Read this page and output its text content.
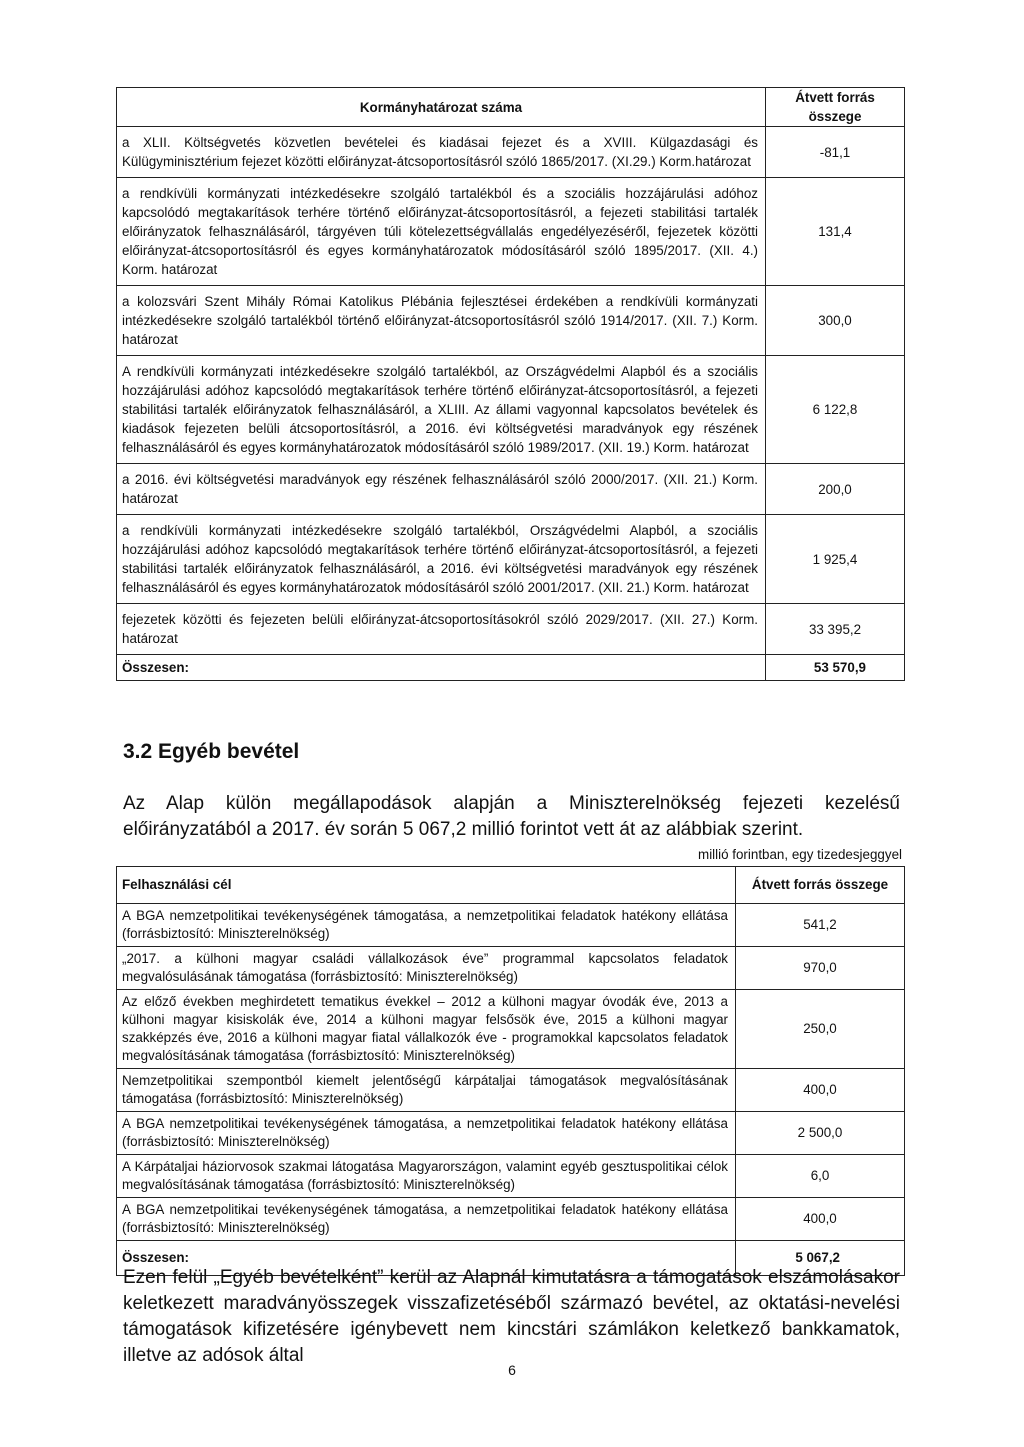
Kormányhatározat száma	Átvett forrás összege
a XLII. Költségvetés közvetlen bevételei és kiadásai fejezet és a XVIII. Külgazdasági és Külügyminisztérium fejezet közötti előirányzat-átcsoportosításról szóló 1865/2017. (XI.29.) Korm.határozat	-81,1
a rendkívüli kormányzati intézkedésekre szolgáló tartalékból és a szociális hozzájárulási adóhoz kapcsolódó megtakarítások terhére történő előirányzat-átcsoportosításról, a fejezeti stabilitási tartalék előirányzatok felhasználásáról, tárgyéven túli kötelezettségvállalás engedélyezéséről, fejezetek közötti előirányzat-átcsoportosításról és egyes kormányhatározatok módosításáról szóló 1895/2017. (XII. 4.) Korm. határozat	131,4
a kolozsvári Szent Mihály Római Katolikus Plébánia fejlesztései érdekében a rendkívüli kormányzati intézkedésekre szolgáló tartalékból történő előirányzat-átcsoportosításról szóló 1914/2017. (XII. 7.) Korm. határozat	300,0
A rendkívüli kormányzati intézkedésekre szolgáló tartalékból, az Országvédelmi Alapból és a szociális hozzájárulási adóhoz kapcsolódó megtakarítások terhére történő előirányzat-átcsoportosításról, a fejezeti stabilitási tartalék előirányzatok felhasználásáról, a XLIII. Az állami vagyonnal kapcsolatos bevételek és kiadások fejezeten belüli átcsoportosításról, a 2016. évi költségvetési maradványok egy részének felhasználásáról és egyes kormányhatározatok módosításáról szóló 1989/2017. (XII. 19.) Korm. határozat	6 122,8
a 2016. évi költségvetési maradványok egy részének felhasználásáról szóló 2000/2017. (XII. 21.) Korm. határozat	200,0
a rendkívüli kormányzati intézkedésekre szolgáló tartalékból, Országvédelmi Alapból, a szociális hozzájárulási adóhoz kapcsolódó megtakarítások terhére történő előirányzat-átcsoportosításról, a fejezeti stabilitási tartalék előirányzatok felhasználásáról, a 2016. évi költségvetési maradványok egy részének felhasználásáról és egyes kormányhatározatok módosításáról szóló 2001/2017. (XII. 21.) Korm. határozat	1 925,4
fejezetek közötti és fejezeten belüli előirányzat-átcsoportosításokról szóló 2029/2017. (XII. 27.) Korm. határozat	33 395,2
Összesen:	53 570,9
3.2 Egyéb bevétel

Az Alap külön megállapodások alapján a Miniszterelnökség fejezeti kezelésű előirányzatából a 2017. év során 5 067,2 millió forintot vett át az alábbiak szerint.

millió forintban, egy tizedesjeggyel
Felhasználási cél	Átvett forrás összege
A BGA nemzetpolitikai tevékenységének támogatása, a nemzetpolitikai feladatok hatékony ellátása (forrásbiztosító: Miniszterelnökség)	541,2
„2017. a külhoni magyar családi vállalkozások éve” programmal kapcsolatos feladatok megvalósulásának támogatása (forrásbiztosító: Miniszterelnökség)	970,0
Az előző években meghirdetett tematikus évekkel – 2012 a külhoni magyar óvodák éve, 2013 a külhoni magyar kisiskolák éve, 2014 a külhoni magyar felsősök éve, 2015 a külhoni magyar szakképzés éve, 2016 a külhoni magyar fiatal vállalkozók éve - programokkal kapcsolatos feladatok megvalósításának támogatása (forrásbiztosító: Miniszterelnökség)	250,0
Nemzetpolitikai szempontból kiemelt jelentőségű kárpátaljai támogatások megvalósításának támogatása (forrásbiztosító: Miniszterelnökség)	400,0
A BGA nemzetpolitikai tevékenységének támogatása, a nemzetpolitikai feladatok hatékony ellátása (forrásbiztosító: Miniszterelnökség)	2 500,0
A Kárpátaljai háziorvosok szakmai látogatása Magyarországon, valamint egyéb gesztuspolitikai célok megvalósításának támogatása (forrásbiztosító: Miniszterelnökség)	6,0
A BGA nemzetpolitikai tevékenységének támogatása, a nemzetpolitikai feladatok hatékony ellátása (forrásbiztosító: Miniszterelnökség)	400,0
Összesen:	5 067,2

Ezen felül „Egyéb bevételként” kerül az Alapnál kimutatásra a támogatások elszámolásakor keletkezett maradványösszegek visszafizetéséből származó bevétel, az oktatási-nevelési támogatások kifizetésére igénybevett nem kincstári számlákon keletkező bankkamatok, illetve az adósok által

6
